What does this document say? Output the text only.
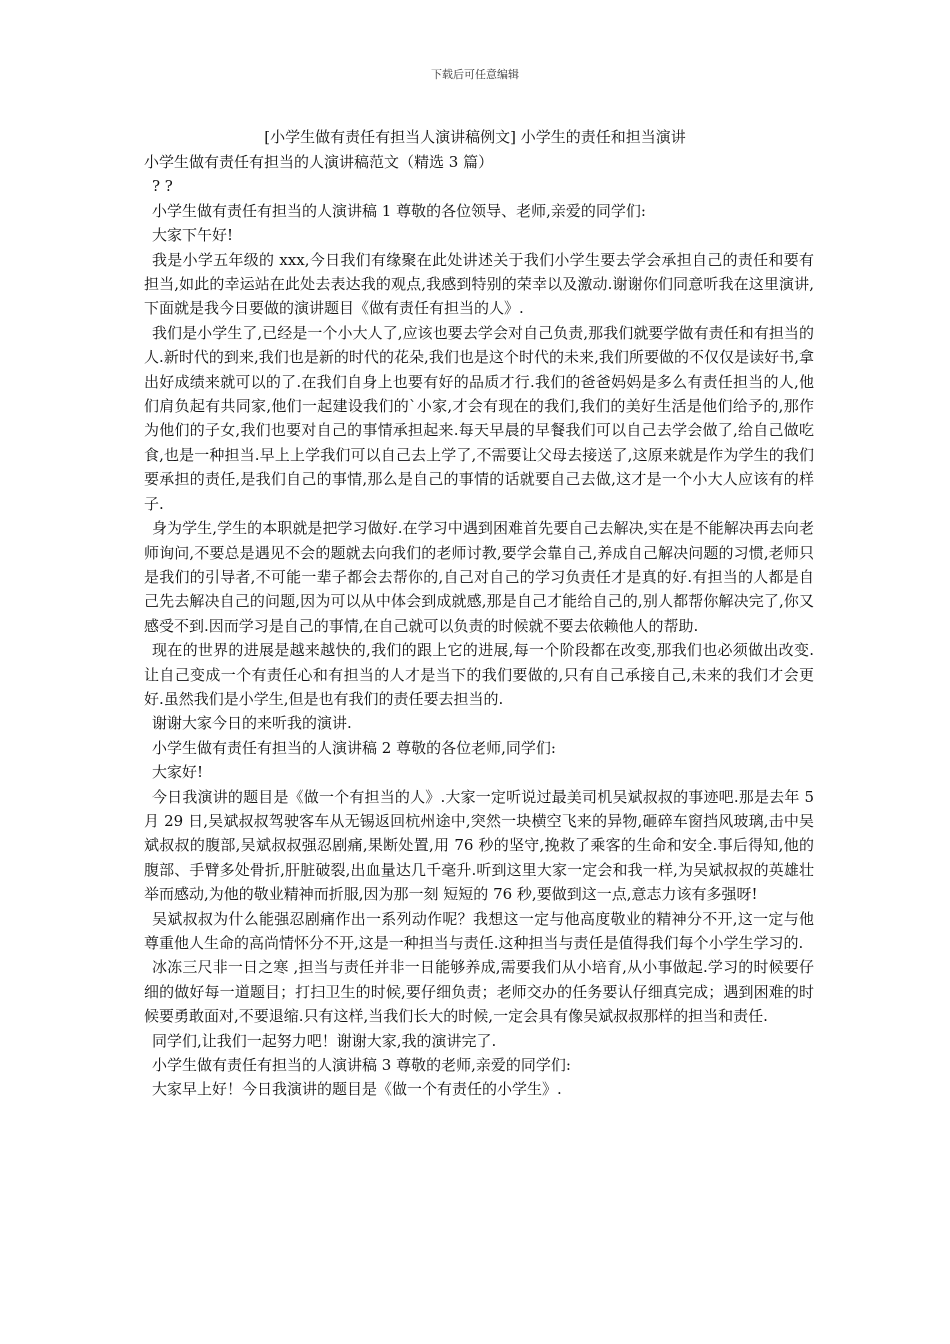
下载后可任意编辑
[小学生做有责任有担当人演讲稿例文] 小学生的责任和担当演讲

小学生做有责任有担当的人演讲稿范文（精选 3 篇）

? ?

小学生做有责任有担当的人演讲稿 1 尊敬的各位领导、老师,亲爱的同学们:

大家下午好!

我是小学五年级的 xxx,今日我们有缘聚在此处讲述关于我们小学生要去学会承担自己的责任和要有担当,如此的幸运站在此处去表达我的观点,我感到特别的荣幸以及激动.谢谢你们同意听我在这里演讲,下面就是我今日要做的演讲题目《做有责任有担当的人》.

我们是小学生了,已经是一个小大人了,应该也要去学会对自己负责,那我们就要学做有责任和有担当的人.新时代的到来,我们也是新的时代的花朵,我们也是这个时代的未来,我们所要做的不仅仅是读好书,拿出好成绩来就可以的了.在我们自身上也要有好的品质才行.我们的爸爸妈妈是多么有责任担当的人,他们肩负起有共同家,他们一起建设我们的`小家,才会有现在的我们,我们的美好生活是他们给予的,那作为他们的子女,我们也要对自己的事情承担起来.每天早晨的早餐我们可以自己去学会做了,给自己做吃食,也是一种担当.早上上学我们可以自己去上学了,不需要让父母去接送了,这原来就是作为学生的我们要承担的责任,是我们自己的事情,那么是自己的事情的话就要自己去做,这才是一个小大人应该有的样子.

身为学生,学生的本职就是把学习做好.在学习中遇到困难首先要自己去解决,实在是不能解决再去向老师询问,不要总是遇见不会的题就去向我们的老师讨教,要学会靠自己,养成自己解决问题的习惯,老师只是我们的引导者,不可能一辈子都会去帮你的,自己对自己的学习负责任才是真的好.有担当的人都是自己先去解决自己的问题,因为可以从中体会到成就感,那是自己才能给自己的,别人都帮你解决完了,你又感受不到.因而学习是自己的事情,在自己就可以负责的时候就不要去依赖他人的帮助.

现在的世界的进展是越来越快的,我们的跟上它的进展,每一个阶段都在改变,那我们也必须做出改变.让自己变成一个有责任心和有担当的人才是当下的我们要做的,只有自己承接自己,未来的我们才会更好.虽然我们是小学生,但是也有我们的责任要去担当的.

谢谢大家今日的来听我的演讲.

小学生做有责任有担当的人演讲稿 2 尊敬的各位老师,同学们:

大家好!

今日我演讲的题目是《做一个有担当的人》.大家一定听说过最美司机吴斌叔叔的事迹吧.那是去年 5 月 29 日,吴斌叔叔驾驶客车从无锡返回杭州途中,突然一块横空飞来的异物,砸碎车窗挡风玻璃,击中吴斌叔叔的腹部,吴斌叔叔强忍剧痛,果断处置,用 76 秒的坚守,挽救了乘客的生命和安全.事后得知,他的腹部、手臂多处骨折,肝脏破裂,出血量达几千毫升.听到这里大家一定会和我一样,为吴斌叔叔的英雄壮举而感动,为他的敬业精神而折服,因为那一刻 短短的 76 秒,要做到这一点,意志力该有多强呀!

吴斌叔叔为什么能强忍剧痛作出一系列动作呢？我想这一定与他高度敬业的精神分不开,这一定与他尊重他人生命的高尚情怀分不开,这是一种担当与责任.这种担当与责任是值得我们每个小学生学习的.

冰冻三尺非一日之寒 ,担当与责任并非一日能够养成,需要我们从小培育,从小事做起.学习的时候要仔细的做好每一道题目；打扫卫生的时候,要仔细负责；老师交办的任务要认仔细真完成；遇到困难的时候要勇敢面对,不要退缩.只有这样,当我们长大的时候,一定会具有像吴斌叔叔那样的担当和责任.

同学们,让我们一起努力吧！谢谢大家,我的演讲完了.

小学生做有责任有担当的人演讲稿 3 尊敬的老师,亲爱的同学们:

大家早上好！今日我演讲的题目是《做一个有责任的小学生》.
